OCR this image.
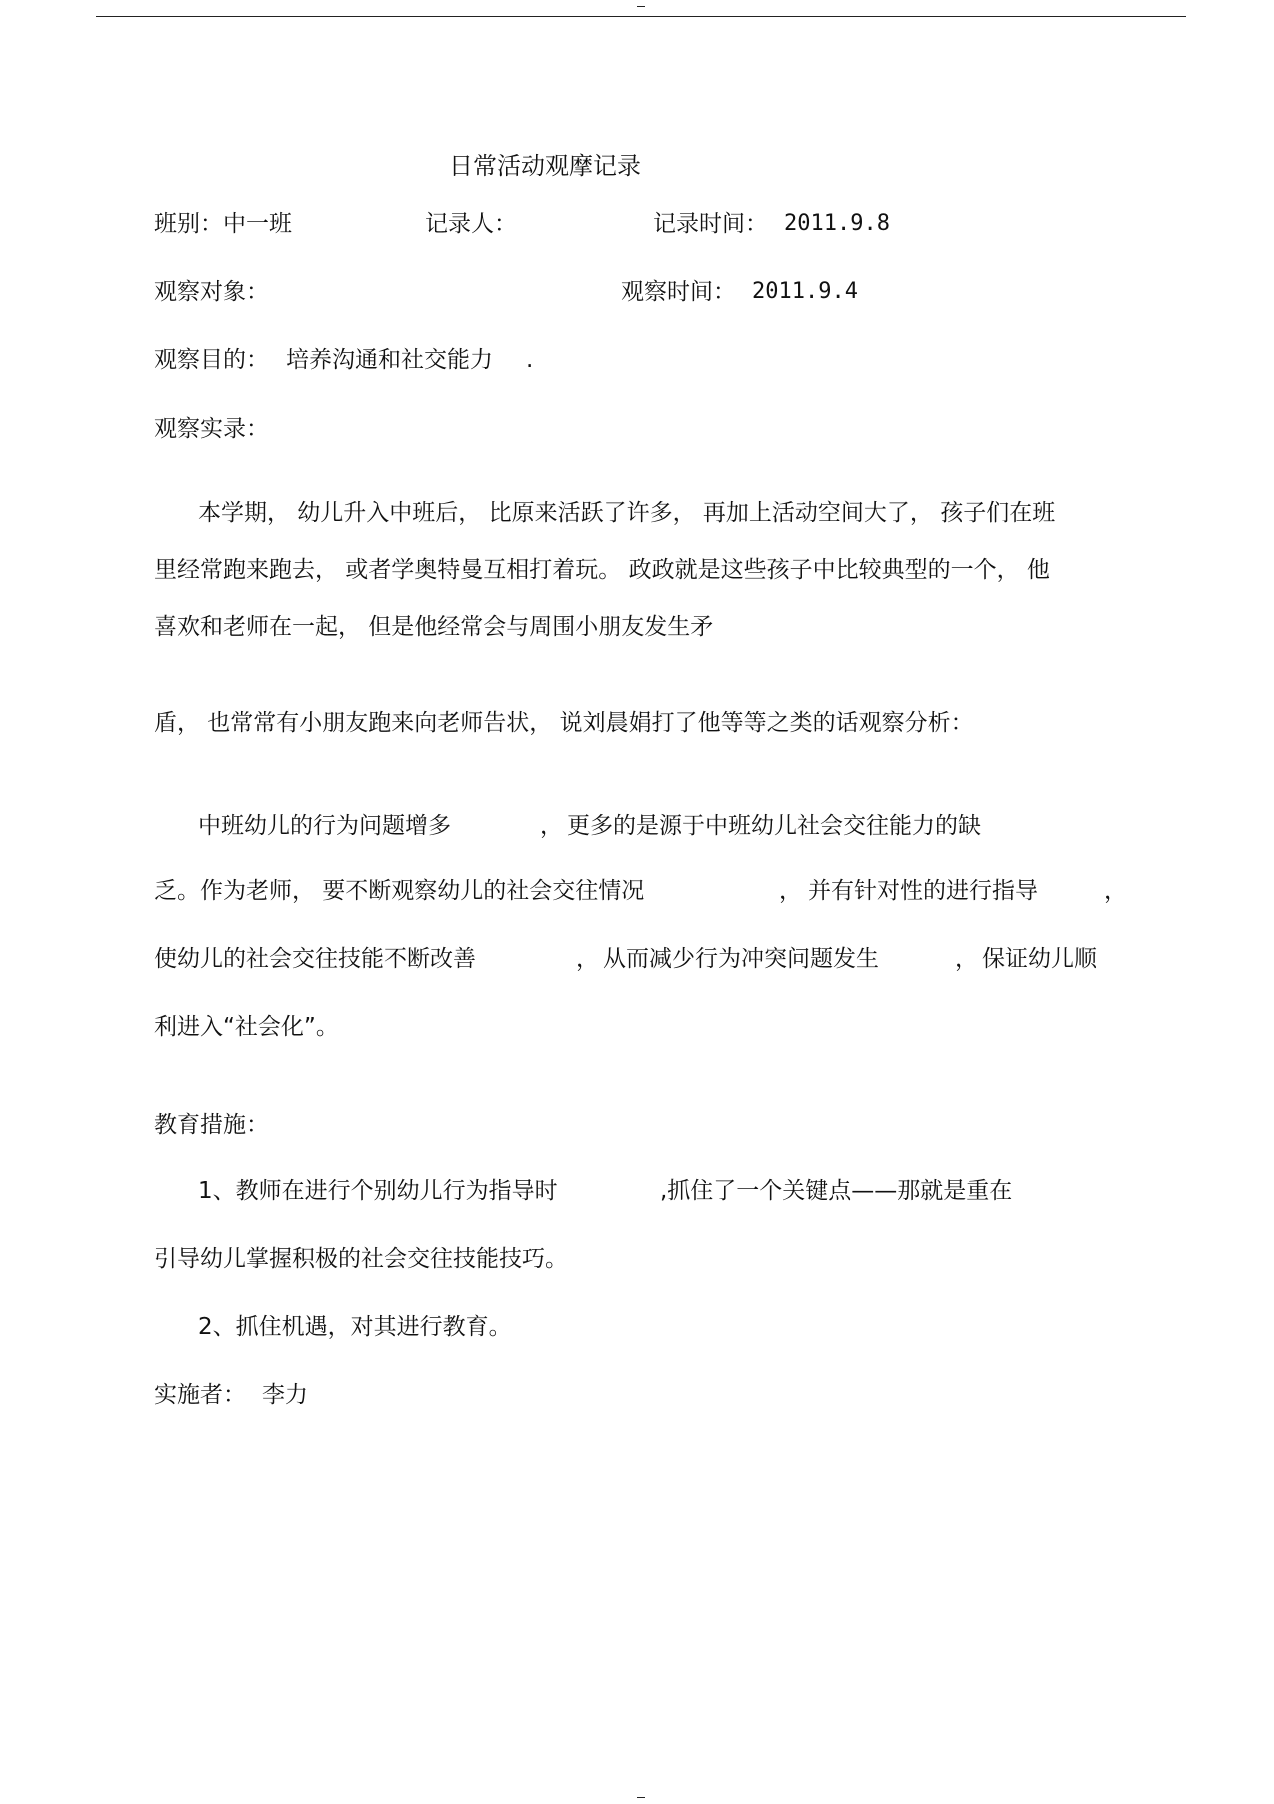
日常活动观摩记录
班别：中一班	记录人：	记录时间： 2011.9.8
观察对象：	观察时间： 2011.9.4
观察目的： 培养沟通和社交能力 .
观察实录：
本学期， 幼儿升入中班后， 比原来活跃了许多， 再加上活动空间大了， 孩子们在班
里经常跑来跑去， 或者学奥特曼互相打着玩。 政政就是这些孩子中比较典型的一个， 他
喜欢和老师在一起， 但是他经常会与周围小朋友发生矛
盾， 也常常有小朋友跑来向老师告状， 说刘晨娟打了他等等之类的话观察分析：
中班幼儿的行为问题增多	， 更多的是源于中班幼儿社会交往能力的缺
乏。作为老师， 要不断观察幼儿的社会交往情况	， 并有针对性的进行指导	，
使幼儿的社会交往技能不断改善	， 从而减少行为冲突问题发生	， 保证幼儿顺
利进入“社会化”。
教育措施：
1、教师在进行个别幼儿行为指导时	,抓住了一个关键点——那就是重在
引导幼儿掌握积极的社会交往技能技巧。
2、抓住机遇，对其进行教育。
实施者： 李力
